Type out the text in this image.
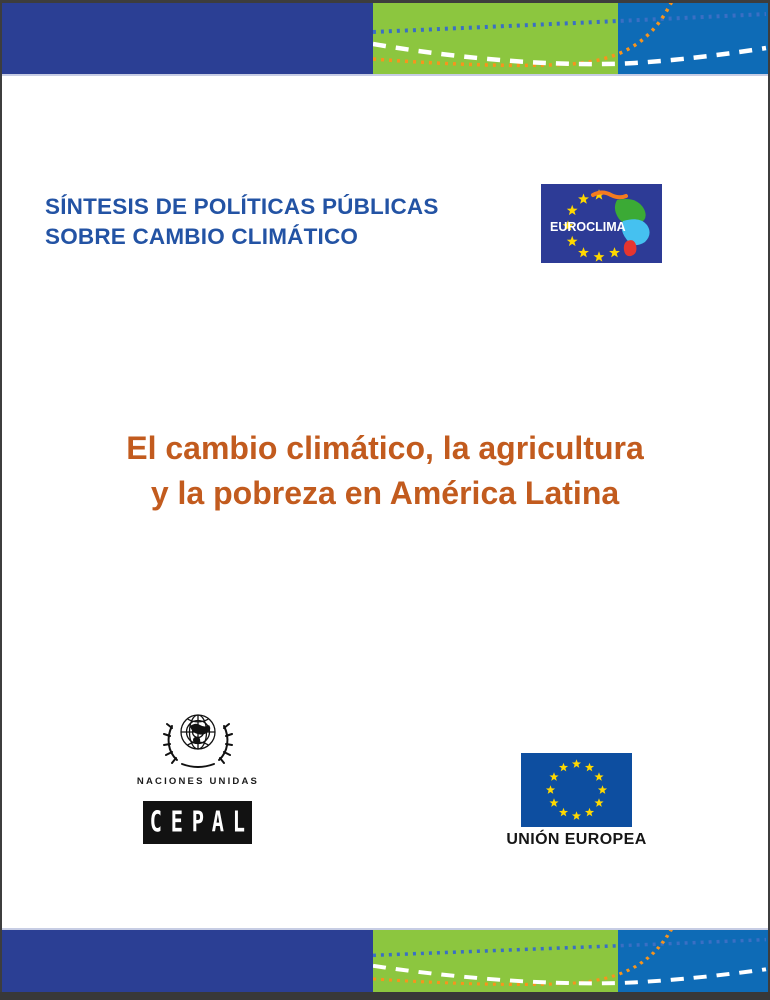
SÍNTESIS DE POLÍTICAS PÚBLICAS
SOBRE CAMBIO CLIMÁTICO	EUROCLIMA
El cambio climático, la agricultura
y la pobreza en América Latina
NACIONES UNIDAS
C E P A L
UNIÓN EUROPEA
